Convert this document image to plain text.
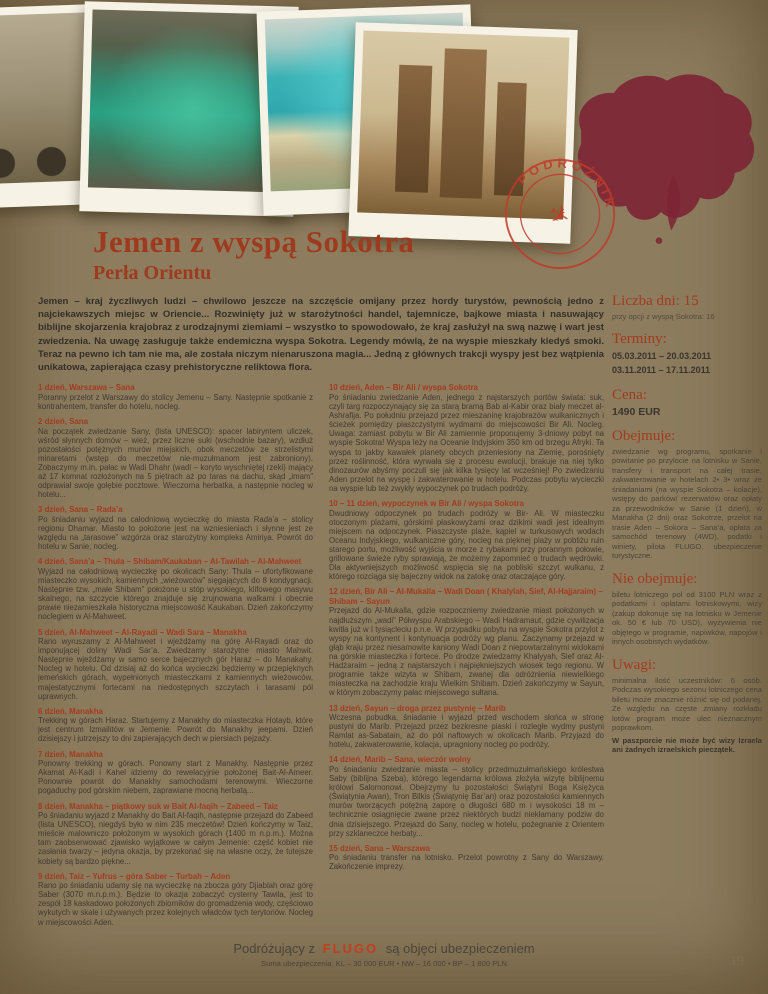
PODRÓŻNIK
✈
Jemen z wyspą Sokotra
Perła Orientu

Jemen – kraj życzliwych ludzi – chwilowo jeszcze na szczęście omijany przez hordy turystów, pewnością jedno z najciekawszych miejsc w Oriencie... Rozwinięty już w starożytności handel, tajemnicze, bajkowe miasta i nasuwający biblijne skojarzenia krajobraz z urodzajnymi ziemiami – wszystko to spowodowało, że kraj zasłużył na swą nazwę i wart jest zwiedzenia. Na uwagę zasługuje także endemiczna wyspa Sokotra. Legendy mówią, że na wyspie mieszkały kiedyś smoki. Teraz na pewno ich tam nie ma, ale została niczym nienaruszona magia... Jedną z głównych trakcji wyspy jest bez wątpienia unikatowa, zapierająca czasy prehistoryczne reliktowa flora.

1 dzień, Warszawa – Sana
Poranny przelot z Warszawy do stolicy Jemenu – Sany. Następnie spotkanie z kontrahentem, transfer do hotelu, nocleg.
2 dzień, Sana
Na początek zwiedzanie Sany, (lista UNESCO): spacer labiryntem uliczek, wśród słynnych domów – wież, przez liczne suki (wschodnie bazary), wzdłuż pozostałości potężnych murów miejskich, obok meczetów ze strzelistymi minaretami (wstęp do meczetów nie-muzułmanom jest zabroniony). Zobaczymy m.in. pałac w Wadi Dhahr (wadi – koryto wyschniętej rzeki) mający aż 17 komnat rozłożonych na 5 piętrach aż po taras na dachu, skąd „imam” odprawiał swoje gołębie pocztowe. Wieczorna herbatka, a następnie nocleg w hotelu...
3 dzień, Sana – Rada’a
Po śniadaniu wyjazd na całodniową wycieczkę do miasta Rada’a – stolicy regionu Dhamar. Miasto to położone jest na wzniesieniach i słynne jest ze względu na „tarasowe” wzgórza oraz starożytny kompleks Amiriya. Powrót do hotelu w Sanie, nocleg.
4 dzień, Sana’a – Thula – Shibam/Kaukaban – Al-Tawilah – Al-Mahweet
Wyjazd na całodniową wycieczkę po okolicach Sany: Thula – ufortyfikowane miasteczko wysokich, kamiennych „wieżowców” sięgających do 8 kondygnacji. Następnie tzw. „małe Shibam” położone u stóp wysokiego, klifowego masywu skalnego, na szczycie którego znajduje się zrujnowana walkami i obecnie prawie niezamieszkała historyczna miejscowość Kaukaban. Dzień zakończymy noclegiem w Al-Mahweet.
5 dzień, Al-Mahweet – Al-Rayadi – Wadi Sara – Manakha
Rano wyruszamy z Al-Mahweet i wjeżdżamy na górę Al-Rayadi oraz do imponującej doliny Wadi Sar’a. Zwiedzamy starożytne miasto Mahwit. Następnie wjeżdżamy w samo serce bajecznych gór Haraz – do Manakahy. Nocleg w hotelu. Od dzisiaj aż do końca wycieczki będziemy w przepięknych jemeńskich górach, wypełnionych miasteczkami z kamiennych wieżowców, majestatycznymi fortecami na niedostępnych szczytach i tarasami pól uprawnych.
6 dzień, Manakha
Trekking w górach Haraz. Startujemy z Manakhy do miasteczka Hotayb, które jest centrum Izmailitów w Jemenie. Powrót do Manakhy jeepami. Dzień dzisiejszy i jutrzejszy to dni zapierających dech w piersiach pejzaży.
7 dzień, Manakha
Ponowny trekking w górach. Ponowny start z Manakhy. Następnie przez Akamat Al-Kadi i Kahel idziemy do rewelacyjnie położonej Bait-Al-Ameer. Ponownie powrót do Manakhy samochodami terenowymi. Wieczorne pogaduchy pod górskim niebem, zaprawiane mocną herbatą...
8 dzień, Manakha – piątkowy suk w Bait Al-faqih – Zabeed – Taiz
Po śniadaniu wyjazd z Manakhy do Bait Al-faqih, następnie przejazd do Zabeed (lista UNESCO), niegdyś było w nim 235 meczetów! Dzień kończymy w Taiz, mieście malowniczo położonym w wysokich górach (1400 m n.p.m.). Można tam zaobserwować zjawisko wyjątkowe w całym Jemenie: część kobiet nie zasłania twarzy – jedyna okazja, by przekonać się na własne oczy, że tutejsze kobiety są bardzo piękne...
9 dzień, Taiz – Yufrus – góra Saber – Turbah – Aden
Rano po śniadaniu udamy się na wycieczkę na zbocza góry Djiablah oraz górę Saber (3070 m.n.p.m.). Będzie to okazja zobaczyć cysterny Tawila, jest to zespół 18 kaskadowo położonych zbiorników do gromadzenia wody, częściowo wykutych w skale i używanych przez kolejnych władców tych terytoriów. Nocleg w miejscowości Aden.
10 dzień, Aden – Bir Ali / wyspa Sokotra
Po śniadaniu zwiedzanie Aden, jednego z najstarszych portów świata: suk, czyli targ rozpoczynający się za starą bramą Bab al-Kabir oraz biały meczet al-Ashrafija. Po południu przejazd przez mieszaninę krajobrazów wulkanicznych i ścieżek pomiędzy piaszczystymi wydmami do miejscowości Bir Ali. Nocleg. Uwaga: zamiast pobytu w Bir Ali zamiennie proponujemy 3-dniowy pobyt na wyspie Sokotra! Wyspa leży na Oceanie Indyjskim 350 km od brzegu Afryki. Ta wyspa to jakby kawałek planety obcych przeniesiony na Ziemię, porośnięty przez roślinność, która wyrwała się z procesu ewolucji, brakuje na niej tylko dinozaurów abyśmy poczuli się jak kilka tysięcy lat wcześniej! Po zwiedzaniu Aden przelot na wyspę i zakwaterowanie w hotelu. Podczas pobytu wycieczki na wyspie lub też zwykły wypoczynek po trudach podróży.
10 – 11 dzień, wypoczynek w Bir Ali / wyspa Sokotra
Dwudniowy odpoczynek po trudach podróży w Bir- Ali. W miasteczku otoczonym plażami, górskimi płaskowyżami oraz dzikimi wadi jest idealnym miejscem na odpoczynek. Piaszczyste plaże, kąpiel w turkusowych wodach Oceanu Indyjskiego, wulkaniczne góry, nocleg na pięknej plaży w pobliżu ruin starego portu, możliwość wyjścia w morze z rybakami przy porannym połowie, grillowane świeże ryby sprawiają, że możemy zapomnieć o trudach wędrówki. Dla aktywniejszych możliwość wspięcia się na pobliski szczyt wulkanu, z którego rozciąga się bajeczny widok na zatokę oraz otaczające góry.
12 dzień, Bir Ali – Al-Mukalla – Wadi Doan ( Khalylah, Sief, Al-Hajjaraim) – Shibam – Sayun
Przejazd do Al-Mukalla, gdzie rozpoczniemy zwiedzanie miast położonych w najdłuższym „wadi” Półwyspu Arabskiego – Wadi Hadramaut, gdzie cywilizacja kwitła już w I tysiącleciu p.n.e. W przypadku pobytu na wyspie Sokotra przylot z wyspy na kontynent i kontynuacja podróży wg planu. Zaczynamy przejazd w głąb kraju przez niesamowite kaniony Wadi Doan z niepowtarzalnymi widokami na górskie miasteczka i fortece. Po drodze zwiedzamy Khalyyah, Sief oraz Al-Hadżaraim – jedną z najstarszych i najpiękniejszych wiosek tego regionu. W programie także wizyta w Shibam, zwanej dla odróżnienia niewielkiego miasteczka na zachodzie kraju Wielkim Shibam. Dzień zakończymy w Sayun, w którym zobaczymy pałac miejscowego sułtana.
13 dzień, Sayun – droga przez pustynię – Marib
Wczesna pobudka, śniadanie i wyjazd przed wschodem słońca w stronę pustyni do Marib. Przejazd przez bezkresne piaski i rozległe wydmy pustyni Ramlat as-Sabatain, aż do pól naftowych w okolicach Marib. Przyjazd do hotelu, zakwaterowanie, kolacja, upragniony nocleg po podróży.
14 dzień, Marib – Sana, wieczór wolny
Po śniadaniu zwiedzanie miasta – stolicy przedmuzułmańskiego królestwa Saby (biblijna Szeba), którego legendarna królowa złożyła wizytę biblijnemu królowi Salomonowi. Obejrzymy tu pozostałości Świątyni Boga Księżyca (Świątynia Awan), Tron Bilkis (Świątynię Bar’an) oraz pozostałości kamiennych murów tworzących potężną zaporę o długości 680 m i wysokości 18 m – technicznie osiągnięcie zwane przez niektórych budzi niekłamany podziw do dnia dzisiejszego. Przejazd do Sany, nocleg w hotelu, pożegnanie z Orientem przy szklaneczce herbaty...
15 dzień, Sana – Warszawa
Po śniadaniu transfer na lotnisko. Przelot powrotny z Sany do Warszawy. Zakończenie imprezy.
Liczba dni: 15
przy opcji z wyspą Sokotra: 16
Terminy:
05.03.2011 – 20.03.2011
03.11.2011 – 17.11.2011
Cena:
1490 EUR
Obejmuje:
zwiedzanie wg programu, spotkanie i powitanie po przylocie na lotnisku w Sanie, transfery i transport na całej trasie, zakwaterowanie w hotelach 2• 3• wraz ze śniadaniami (na wyspie Sokotra – kolacje), wstępy do parków/ rezerwatów oraz opłaty za przewodników w Sanie (1 dzień), w Manakha (2 dni) oraz Sokotrze, przelot na trasie Aden – Sokora – Sana’a, opłata za samochód terenowy (4WD), podatki i winiety, pilota FLUGO, ubezpieczenie turystyczne.
Nie obejmuje:
biletu lotniczego pol od 3100 PLN wraz z podatkami i opłatami lotniskowymi, wizy (zakup dokonuje się na lotnisku w Jemenie ok. 50 € lub 70 USD), wyżywienia nie objętego w programie, napiwków, napojów i innych osobistych wydatków.
Uwagi:
minimalna ilość uczestników: 6 osób. Podczas wysokiego sezonu lotniczego cena biletu może znacznie różnić się od podanej. Ze względu na częste zmiany rozkładu lotów program może ulec nieznacznym poprawkom.
W paszporcie nie może być wizy Izraela ani żadnych izraelskich pieczątek.
Podróżujący z FLUGO są objęci ubezpieczeniem
Suma ubezpieczenia: KL – 30 000 EUR • NW – 16 000 • BP – 1 800 PLN	19
